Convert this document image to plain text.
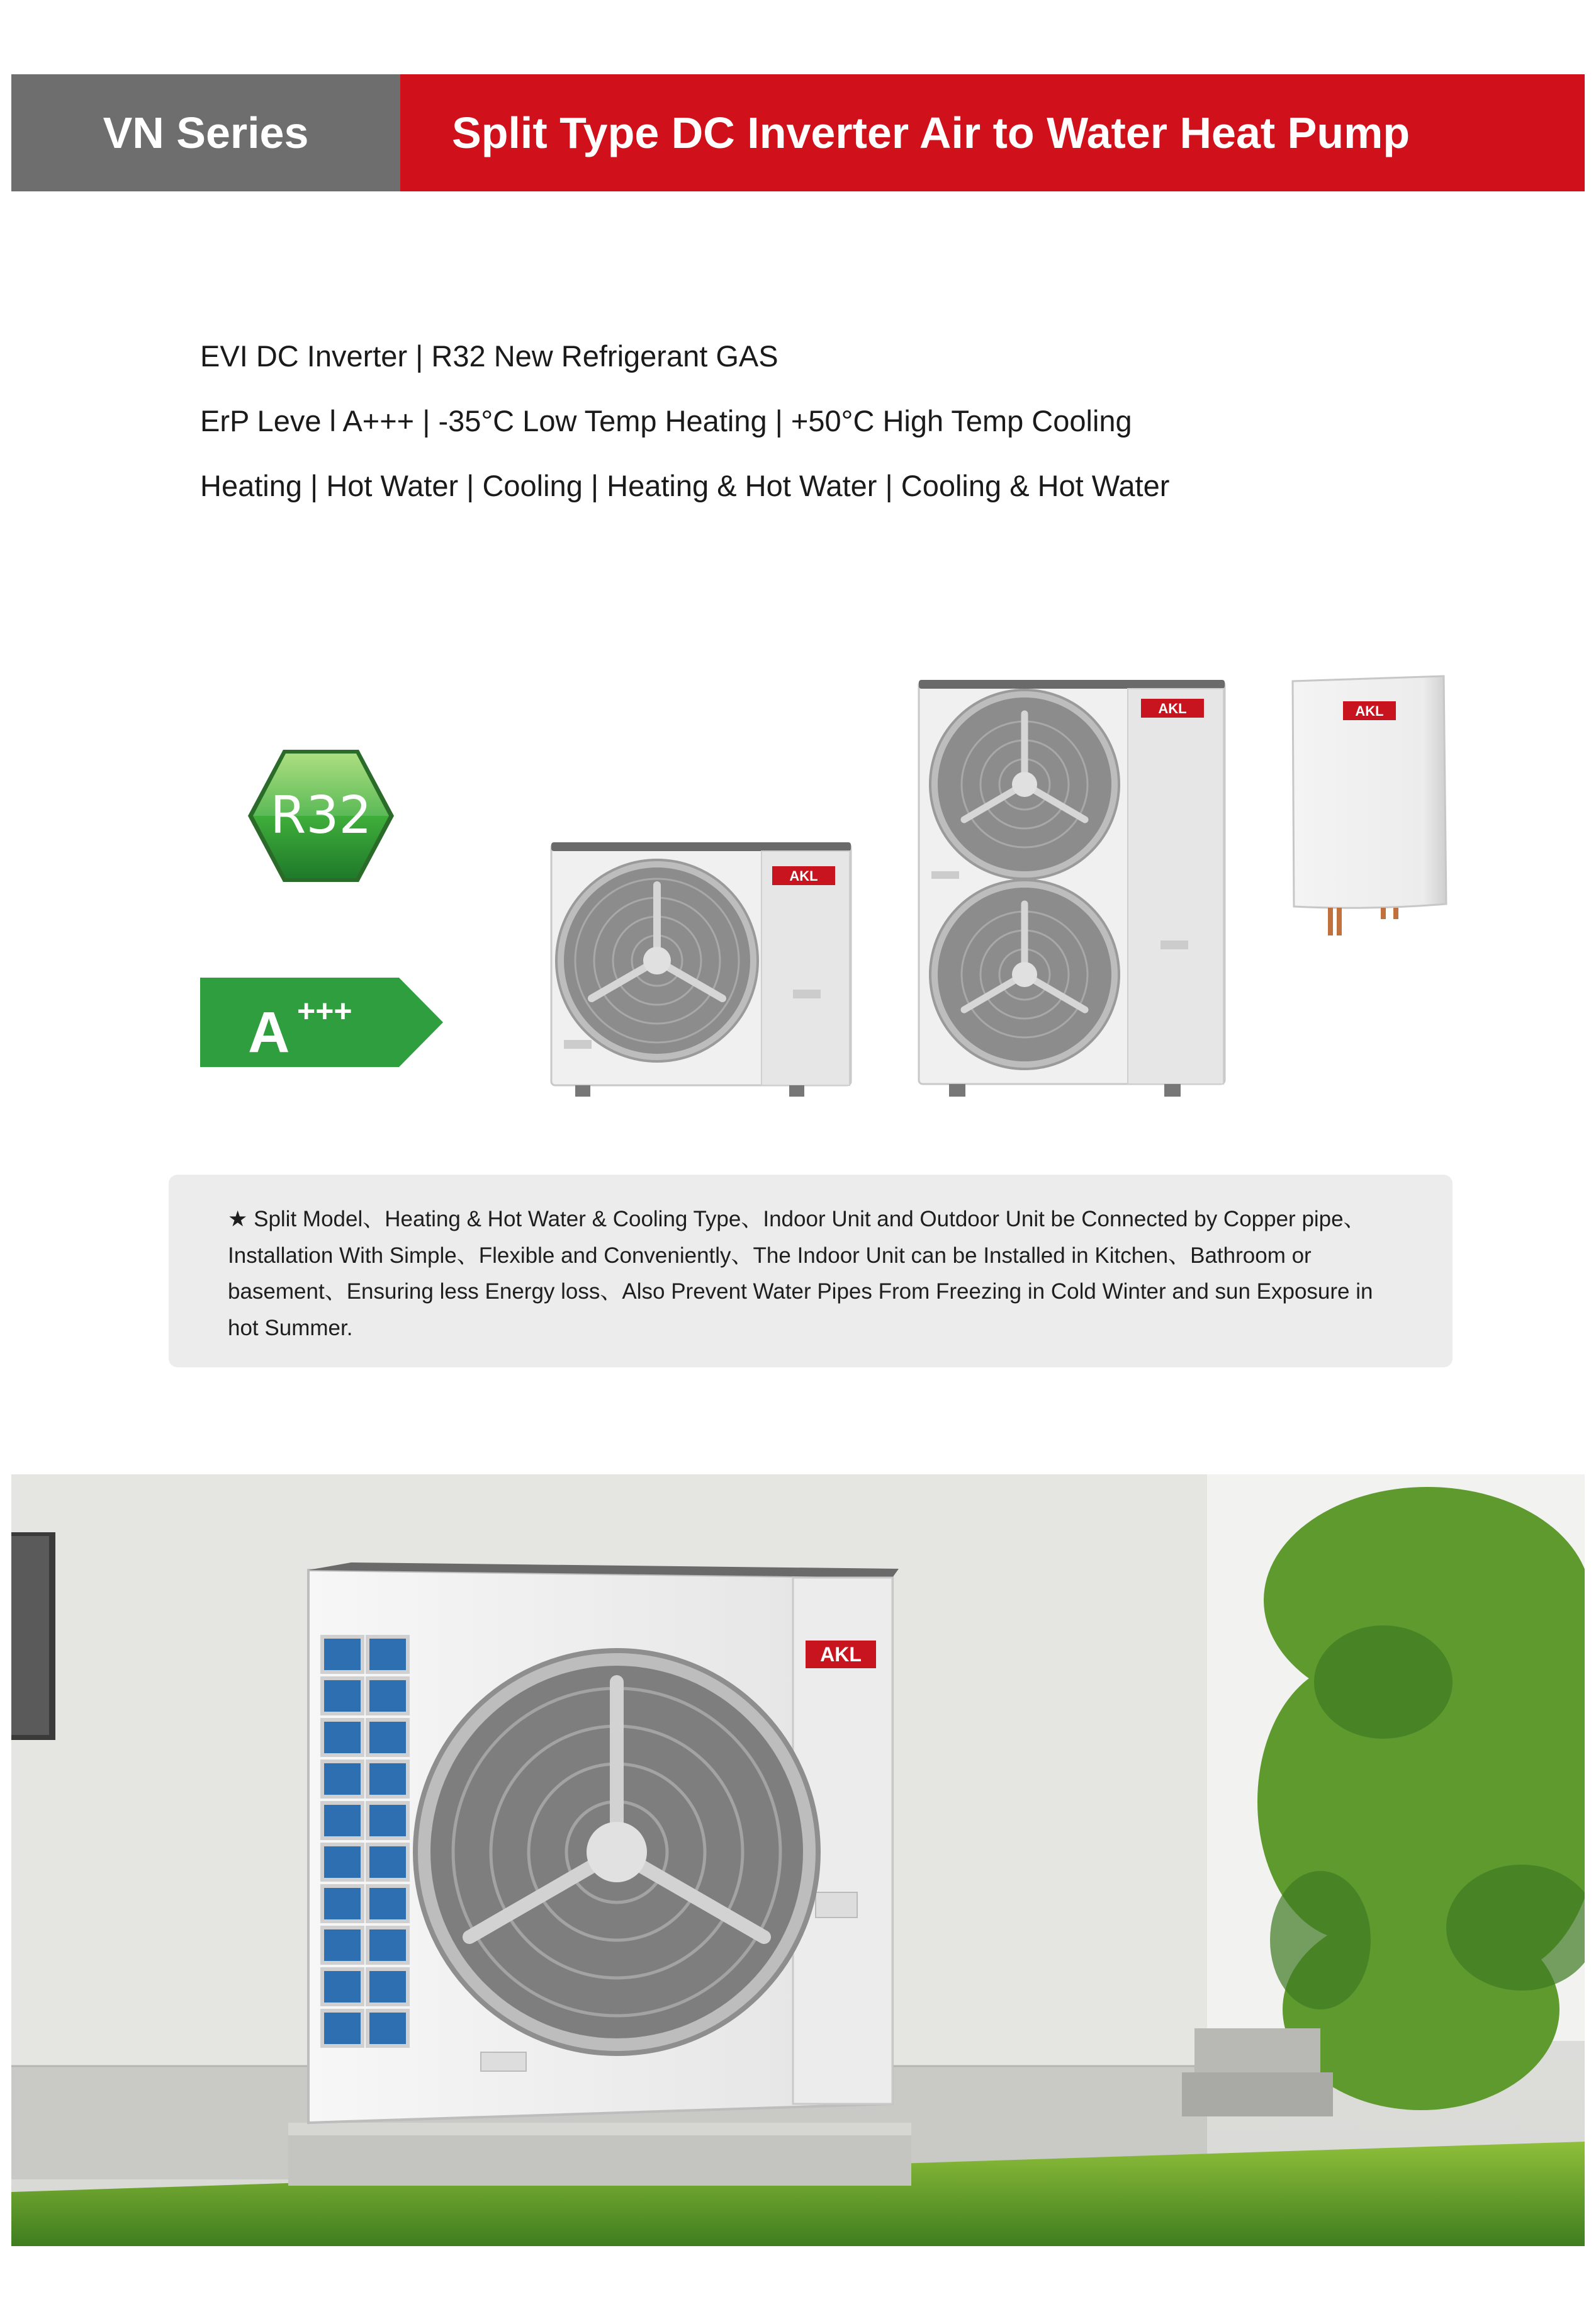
VN Series	Split Type DC Inverter Air to Water Heat Pump
EVI DC Inverter | R32 New Refrigerant GAS
ErP Leve l A+++ | -35°C Low Temp Heating | +50°C High Temp Cooling
Heating | Hot Water | Cooling | Heating & Hot Water | Cooling & Hot Water
R32
A +++
AKL
AKL	AKL
★ Split Model、Heating & Hot Water & Cooling Type、Indoor Unit and Outdoor Unit be Connected by Copper pipe、Installation With Simple、Flexible and Conveniently、The Indoor Unit can be Installed in Kitchen、Bathroom or basement、Ensuring less Energy loss、Also Prevent Water Pipes From Freezing in Cold Winter and sun Exposure in hot Summer.
AKL
